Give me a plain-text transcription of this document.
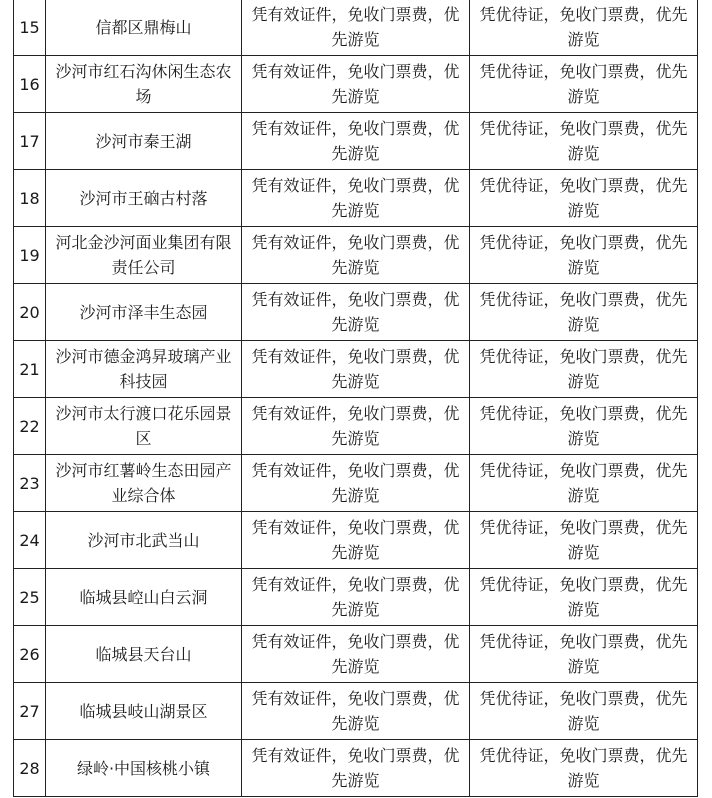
15	信都区鼎梅山	凭有效证件，免收门票费，优先游览	凭优待证，免收门票费，优先游览
16	沙河市红石沟休闲生态农场	凭有效证件，免收门票费，优先游览	凭优待证，免收门票费，优先游览
17	沙河市秦王湖	凭有效证件，免收门票费，优先游览	凭优待证，免收门票费，优先游览
18	沙河市王硇古村落	凭有效证件，免收门票费，优先游览	凭优待证，免收门票费，优先游览
19	河北金沙河面业集团有限责任公司	凭有效证件，免收门票费，优先游览	凭优待证，免收门票费，优先游览
20	沙河市泽丰生态园	凭有效证件，免收门票费，优先游览	凭优待证，免收门票费，优先游览
21	沙河市德金鸿昇玻璃产业科技园	凭有效证件，免收门票费，优先游览	凭优待证，免收门票费，优先游览
22	沙河市太行渡口花乐园景区	凭有效证件，免收门票费，优先游览	凭优待证，免收门票费，优先游览
23	沙河市红薯岭生态田园产业综合体	凭有效证件，免收门票费，优先游览	凭优待证，免收门票费，优先游览
24	沙河市北武当山	凭有效证件，免收门票费，优先游览	凭优待证，免收门票费，优先游览
25	临城县崆山白云洞	凭有效证件，免收门票费，优先游览	凭优待证，免收门票费，优先游览
26	临城县天台山	凭有效证件，免收门票费，优先游览	凭优待证，免收门票费，优先游览
27	临城县岐山湖景区	凭有效证件，免收门票费，优先游览	凭优待证，免收门票费，优先游览
28	绿岭·中国核桃小镇	凭有效证件，免收门票费，优先游览	凭优待证，免收门票费，优先游览
